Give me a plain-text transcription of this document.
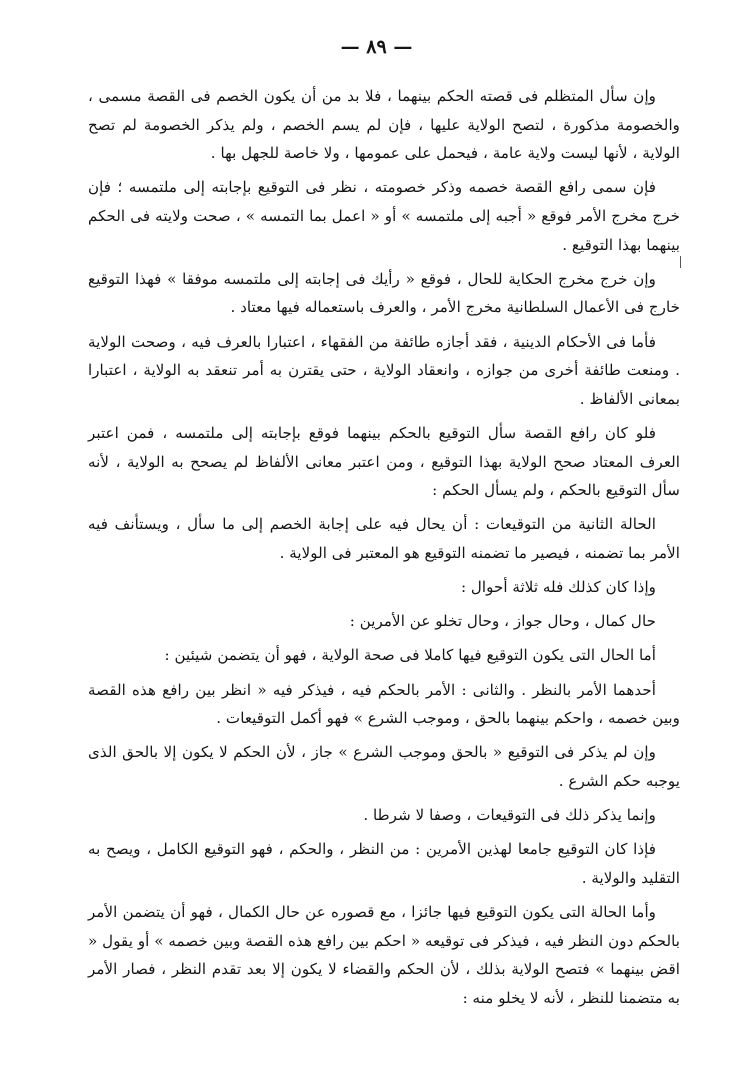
— ٨٩ —

وإن سأل المتظلم فى قصته الحكم بينهما ، فلا بد من أن يكون الخصم فى القصة مسمى ، والخصومة مذكورة ، لتصح الولاية عليها ، فإن لم يسم الخصم ، ولم يذكر الخصومة لم تصح الولاية ، لأنها ليست ولاية عامة ، فيحمل على عمومها ، ولا خاصة للجهل بها .

فإن سمى رافع القصة خصمه وذكر خصومته ، نظر فى التوقيع بإجابته إلى ملتمسه ؛ فإن خرج مخرج الأمر فوقع « أجبه إلى ملتمسه » أو « اعمل بما التمسه » ، صحت ولايته فى الحكم بينهما بهذا التوقيع .

وإن خرج مخرج الحكاية للحال ، فوقع « رأيك فى إجابته إلى ملتمسه موفقا » فهذا التوقيع خارج فى الأعمال السلطانية مخرج الأمر ، والعرف باستعماله فيها معتاد .

فأما فى الأحكام الدينية ، فقد أجازه طائفة من الفقهاء ، اعتبارا بالعرف فيه ، وصحت الولاية . ومنعت طائفة أخرى من جوازه ، وانعقاد الولاية ، حتى يقترن به أمر تنعقد به الولاية ، اعتبارا بمعانى الألفاظ .

فلو كان رافع القصة سأل التوقيع بالحكم بينهما فوقع بإجابته إلى ملتمسه ، فمن اعتبر العرف المعتاد صحح الولاية بهذا التوقيع ، ومن اعتبر معانى الألفاظ لم يصحح به الولاية ، لأنه سأل التوقيع بالحكم ، ولم يسأل الحكم :

الحالة الثانية من التوقيعات : أن يحال فيه على إجابة الخصم إلى ما سأل ، ويستأنف فيه الأمر بما تضمنه ، فيصير ما تضمنه التوقيع هو المعتبر فى الولاية .

وإذا كان كذلك فله ثلاثة أحوال :

حال كمال ، وحال جواز ، وحال تخلو عن الأمرين :

أما الحال التى يكون التوقيع فيها كاملا فى صحة الولاية ، فهو أن يتضمن شيئين :

أحدهما الأمر بالنظر . والثانى : الأمر بالحكم فيه ، فيذكر فيه « انظر بين رافع هذه القصة وبين خصمه ، واحكم بينهما بالحق ، وموجب الشرع » فهو أكمل التوقيعات .

وإن لم يذكر فى التوقيع « بالحق وموجب الشرع » جاز ، لأن الحكم لا يكون إلا بالحق الذى يوجبه حكم الشرع .

وإنما يذكر ذلك فى التوقيعات ، وصفا لا شرطا .

فإذا كان التوقيع جامعا لهذين الأمرين : من النظر ، والحكم ، فهو التوقيع الكامل ، ويصح به التقليد والولاية .

وأما الحالة التى يكون التوقيع فيها جائزا ، مع قصوره عن حال الكمال ، فهو أن يتضمن الأمر بالحكم دون النظر فيه ، فيذكر فى توقيعه « احكم بين رافع هذه القصة وبين خصمه » أو يقول « اقض بينهما » فتصح الولاية بذلك ، لأن الحكم والقضاء لا يكون إلا بعد تقدم النظر ، فصار الأمر به متضمنا للنظر ، لأنه لا يخلو منه :
